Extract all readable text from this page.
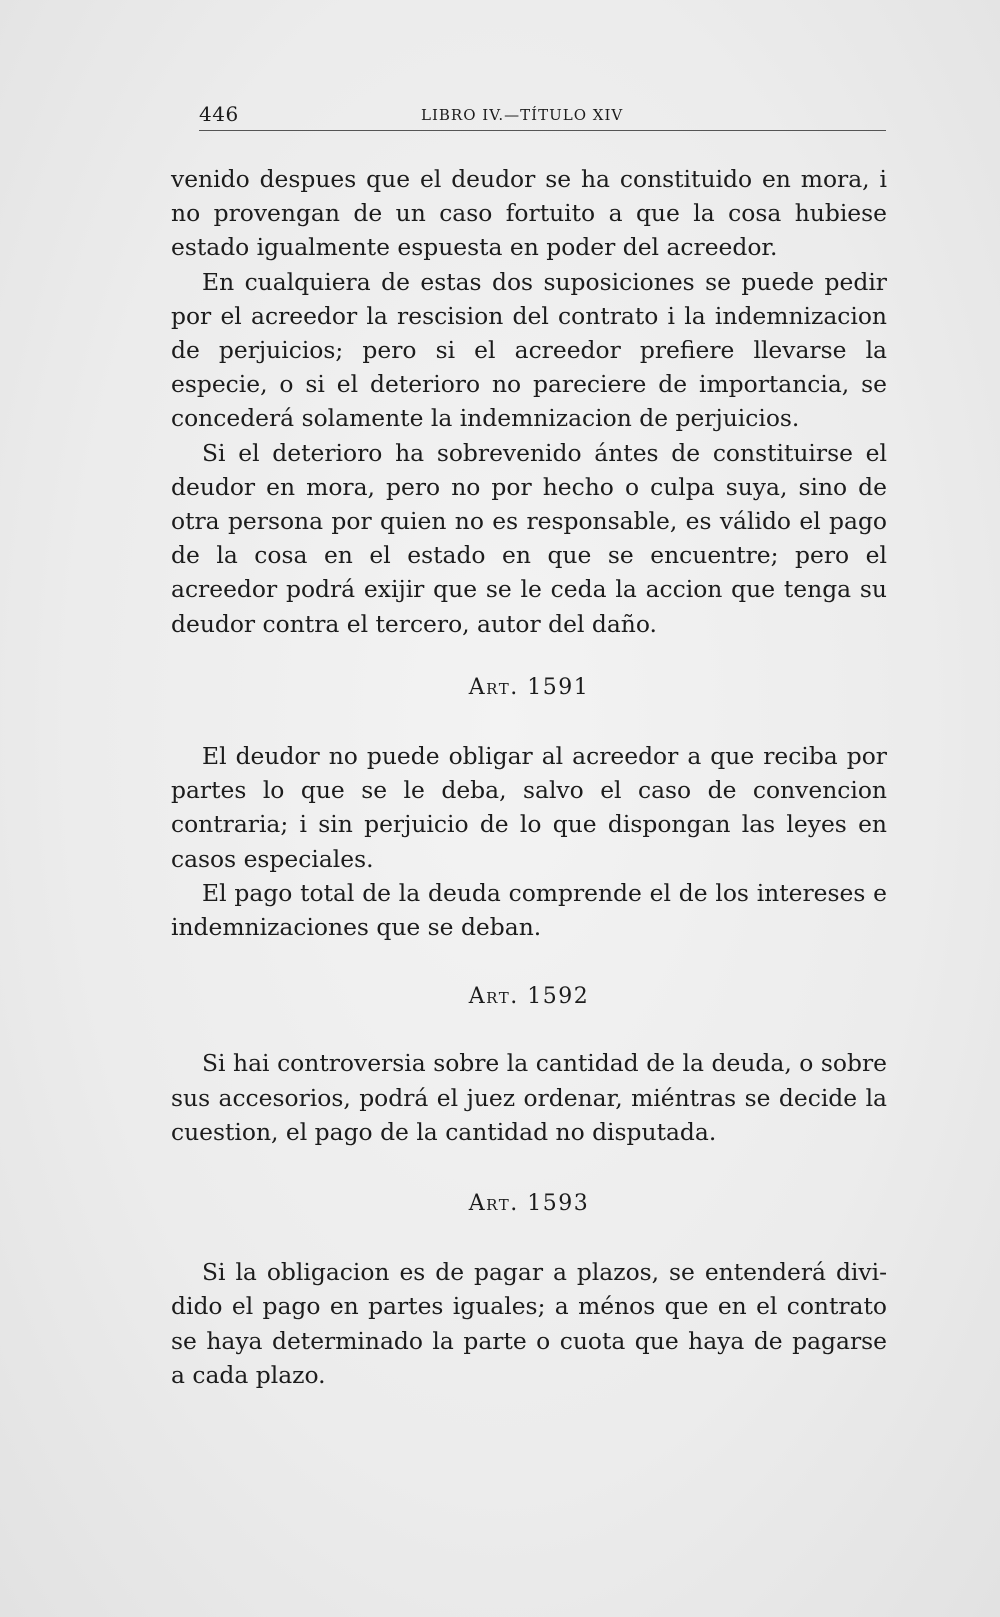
446	LIBRO IV.—TÍTULO XIV

venido despues que el deudor se ha constituido en mora, i no provengan de un caso fortuito a que la cosa hubiese estado igualmente espuesta en poder del acreedor.

En cualquiera de estas dos suposiciones se puede pedir por el acreedor la rescision del contrato i la indemnizacion de perjuicios; pero si el acreedor prefiere llevarse la especie, o si el deterioro no pareciere de importancia, se concederá solamente la indemnizacion de perjuicios.

Si el deterioro ha sobrevenido ántes de constituirse el deudor en mora, pero no por hecho o culpa suya, sino de otra persona por quien no es responsable, es válido el pago de la cosa en el estado en que se encuentre; pero el acreedor podrá exijir que se le ceda la accion que tenga su deudor contra el tercero, autor del daño.

Art. 1591

El deudor no puede obligar al acreedor a que reciba por partes lo que se le deba, salvo el caso de convencion contraria; i sin perjuicio de lo que dispongan las leyes en casos especiales.

El pago total de la deuda comprende el de los intereses e indemnizaciones que se deban.

Art. 1592

Si hai controversia sobre la cantidad de la deuda, o sobre sus accesorios, podrá el juez ordenar, miéntras se decide la cuestion, el pago de la cantidad no disputada.

Art. 1593

Si la obligacion es de pagar a plazos, se entenderá dividido el pago en partes iguales; a ménos que en el contrato se haya determinado la parte o cuota que haya de pagarse a cada plazo.
